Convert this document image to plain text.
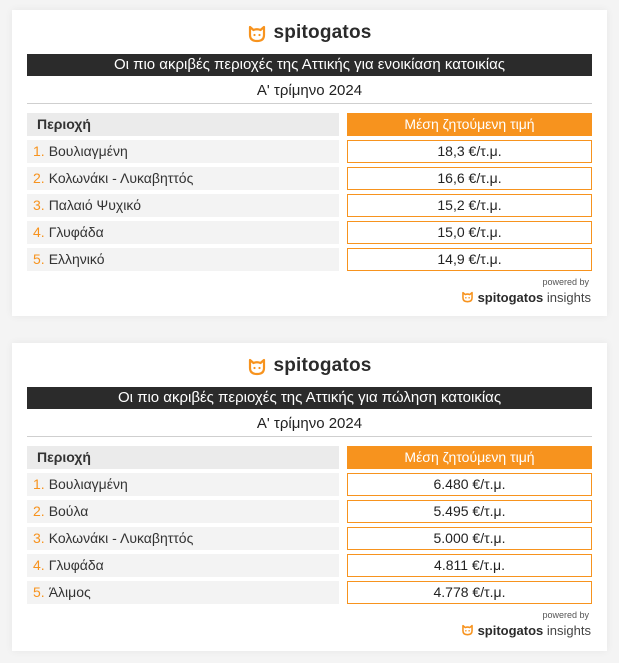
spitogatos
Οι πιο ακριβές περιοχές της Αττικής για ενοικίαση κατοικίας
Α' τρίμηνο 2024
Περιοχή	Μέση ζητούμενη τιμή
1. Βουλιαγμένη	18,3 €/τ.μ.
2. Κολωνάκι - Λυκαβηττός	16,6 €/τ.μ.
3. Παλαιό Ψυχικό	15,2 €/τ.μ.
4. Γλυφάδα	15,0 €/τ.μ.
5. Ελληνικό	14,9 €/τ.μ.
powered by
spitogatos insights
spitogatos
Οι πιο ακριβές περιοχές της Αττικής για πώληση κατοικίας
Α' τρίμηνο 2024
Περιοχή	Μέση ζητούμενη τιμή
1. Βουλιαγμένη	6.480 €/τ.μ.
2. Βούλα	5.495 €/τ.μ.
3. Κολωνάκι - Λυκαβηττός	5.000 €/τ.μ.
4. Γλυφάδα	4.811 €/τ.μ.
5. Άλιμος	4.778 €/τ.μ.
powered by
spitogatos insights
